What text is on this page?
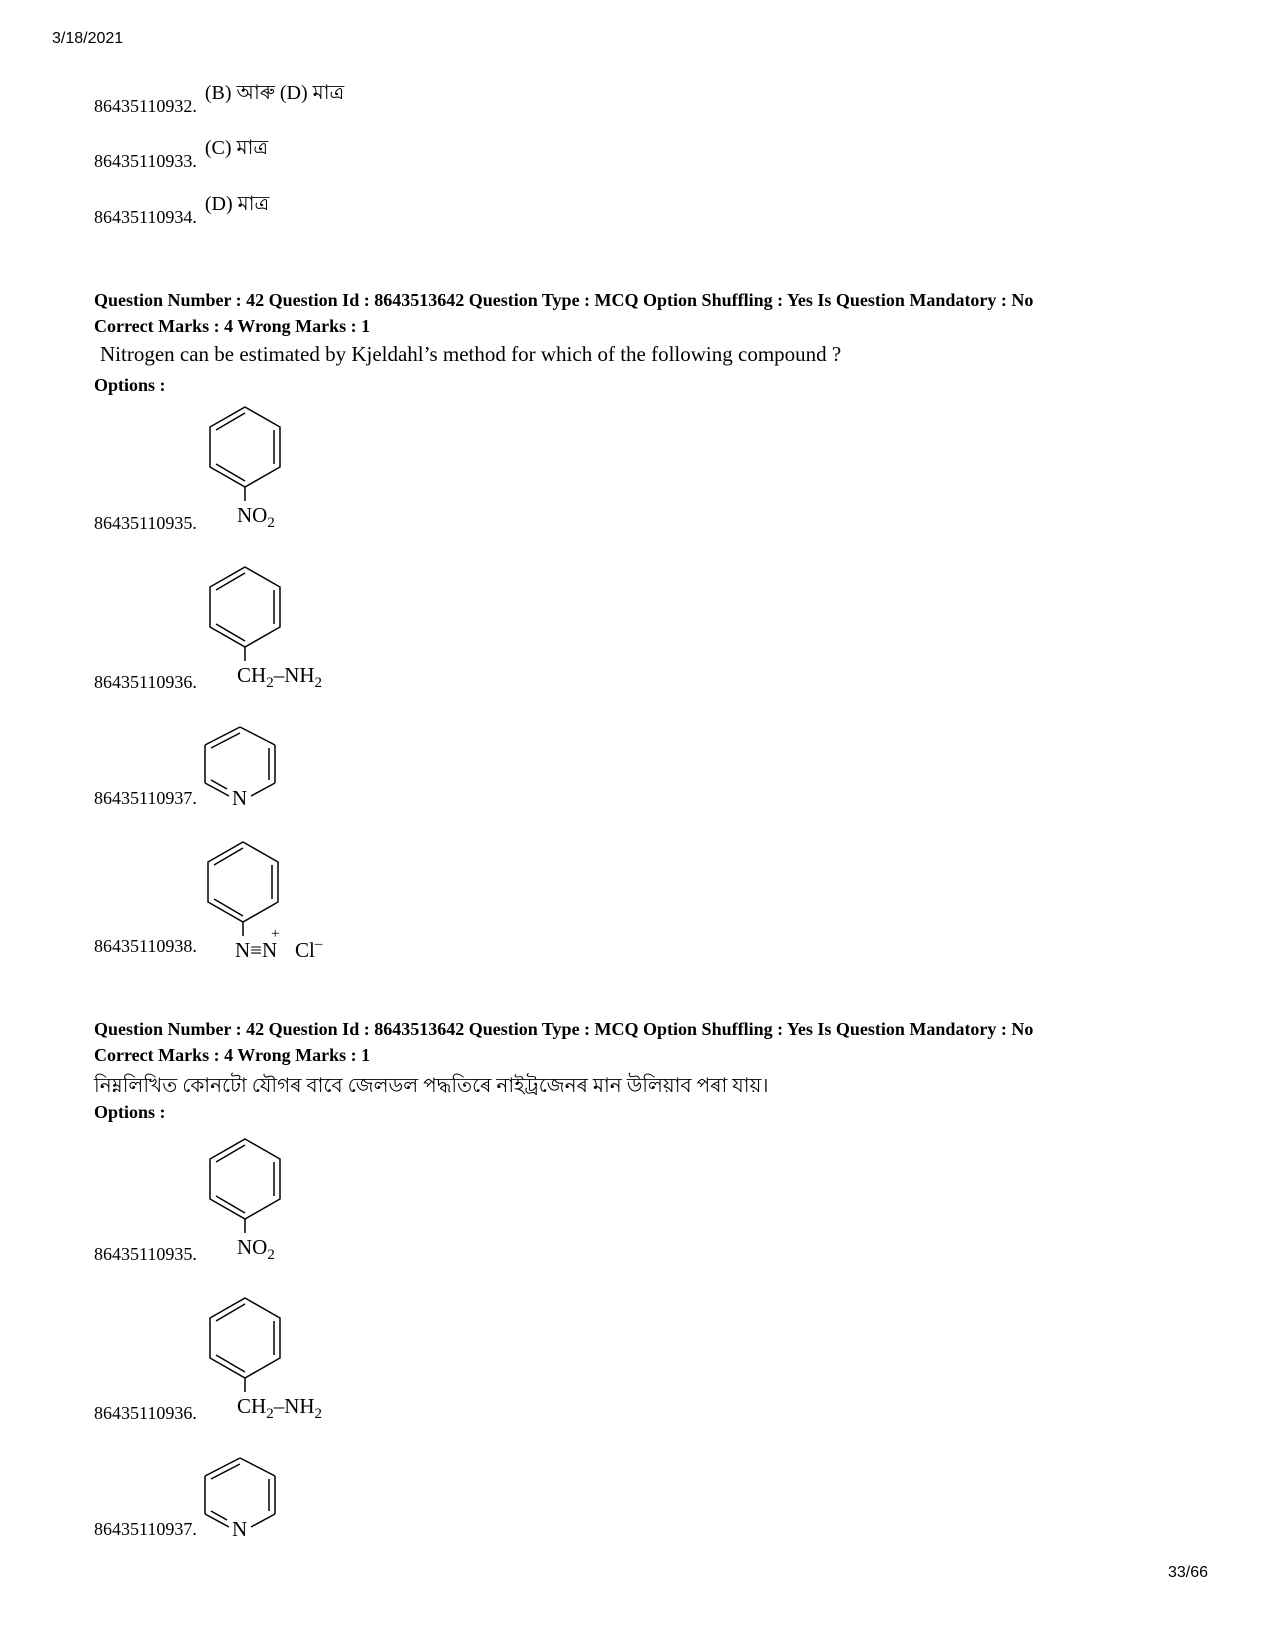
3/18/2021
86435110932.
(B) আৰু (D) মাত্ৰ
86435110933.
(C) মাত্ৰ
86435110934.
(D) মাত্ৰ
Question Number : 42 Question Id : 8643513642 Question Type : MCQ Option Shuffling : Yes Is Question Mandatory : No
Correct Marks : 4 Wrong Marks : 1
Nitrogen can be estimated by Kjeldahl’s method for which of the following compound ?
Options :
86435110935. $NO_2$
86435110936. $CH_2-NH_2$
86435110937. N
86435110938.
+
N≡N Cl–
Question Number : 42 Question Id : 8643513642 Question Type : MCQ Option Shuffling : Yes Is Question Mandatory : No
Correct Marks : 4 Wrong Marks : 1
নিম্নলিখিত কোনটো যৌগৰ বাবে জেলডল পদ্ধতিৰে নাইট্ৰজেনৰ মান উলিয়াব পৰা যায়।
Options :
86435110935. $NO_2$
86435110936. $CH_2-NH_2$
86435110937. N
33/66
